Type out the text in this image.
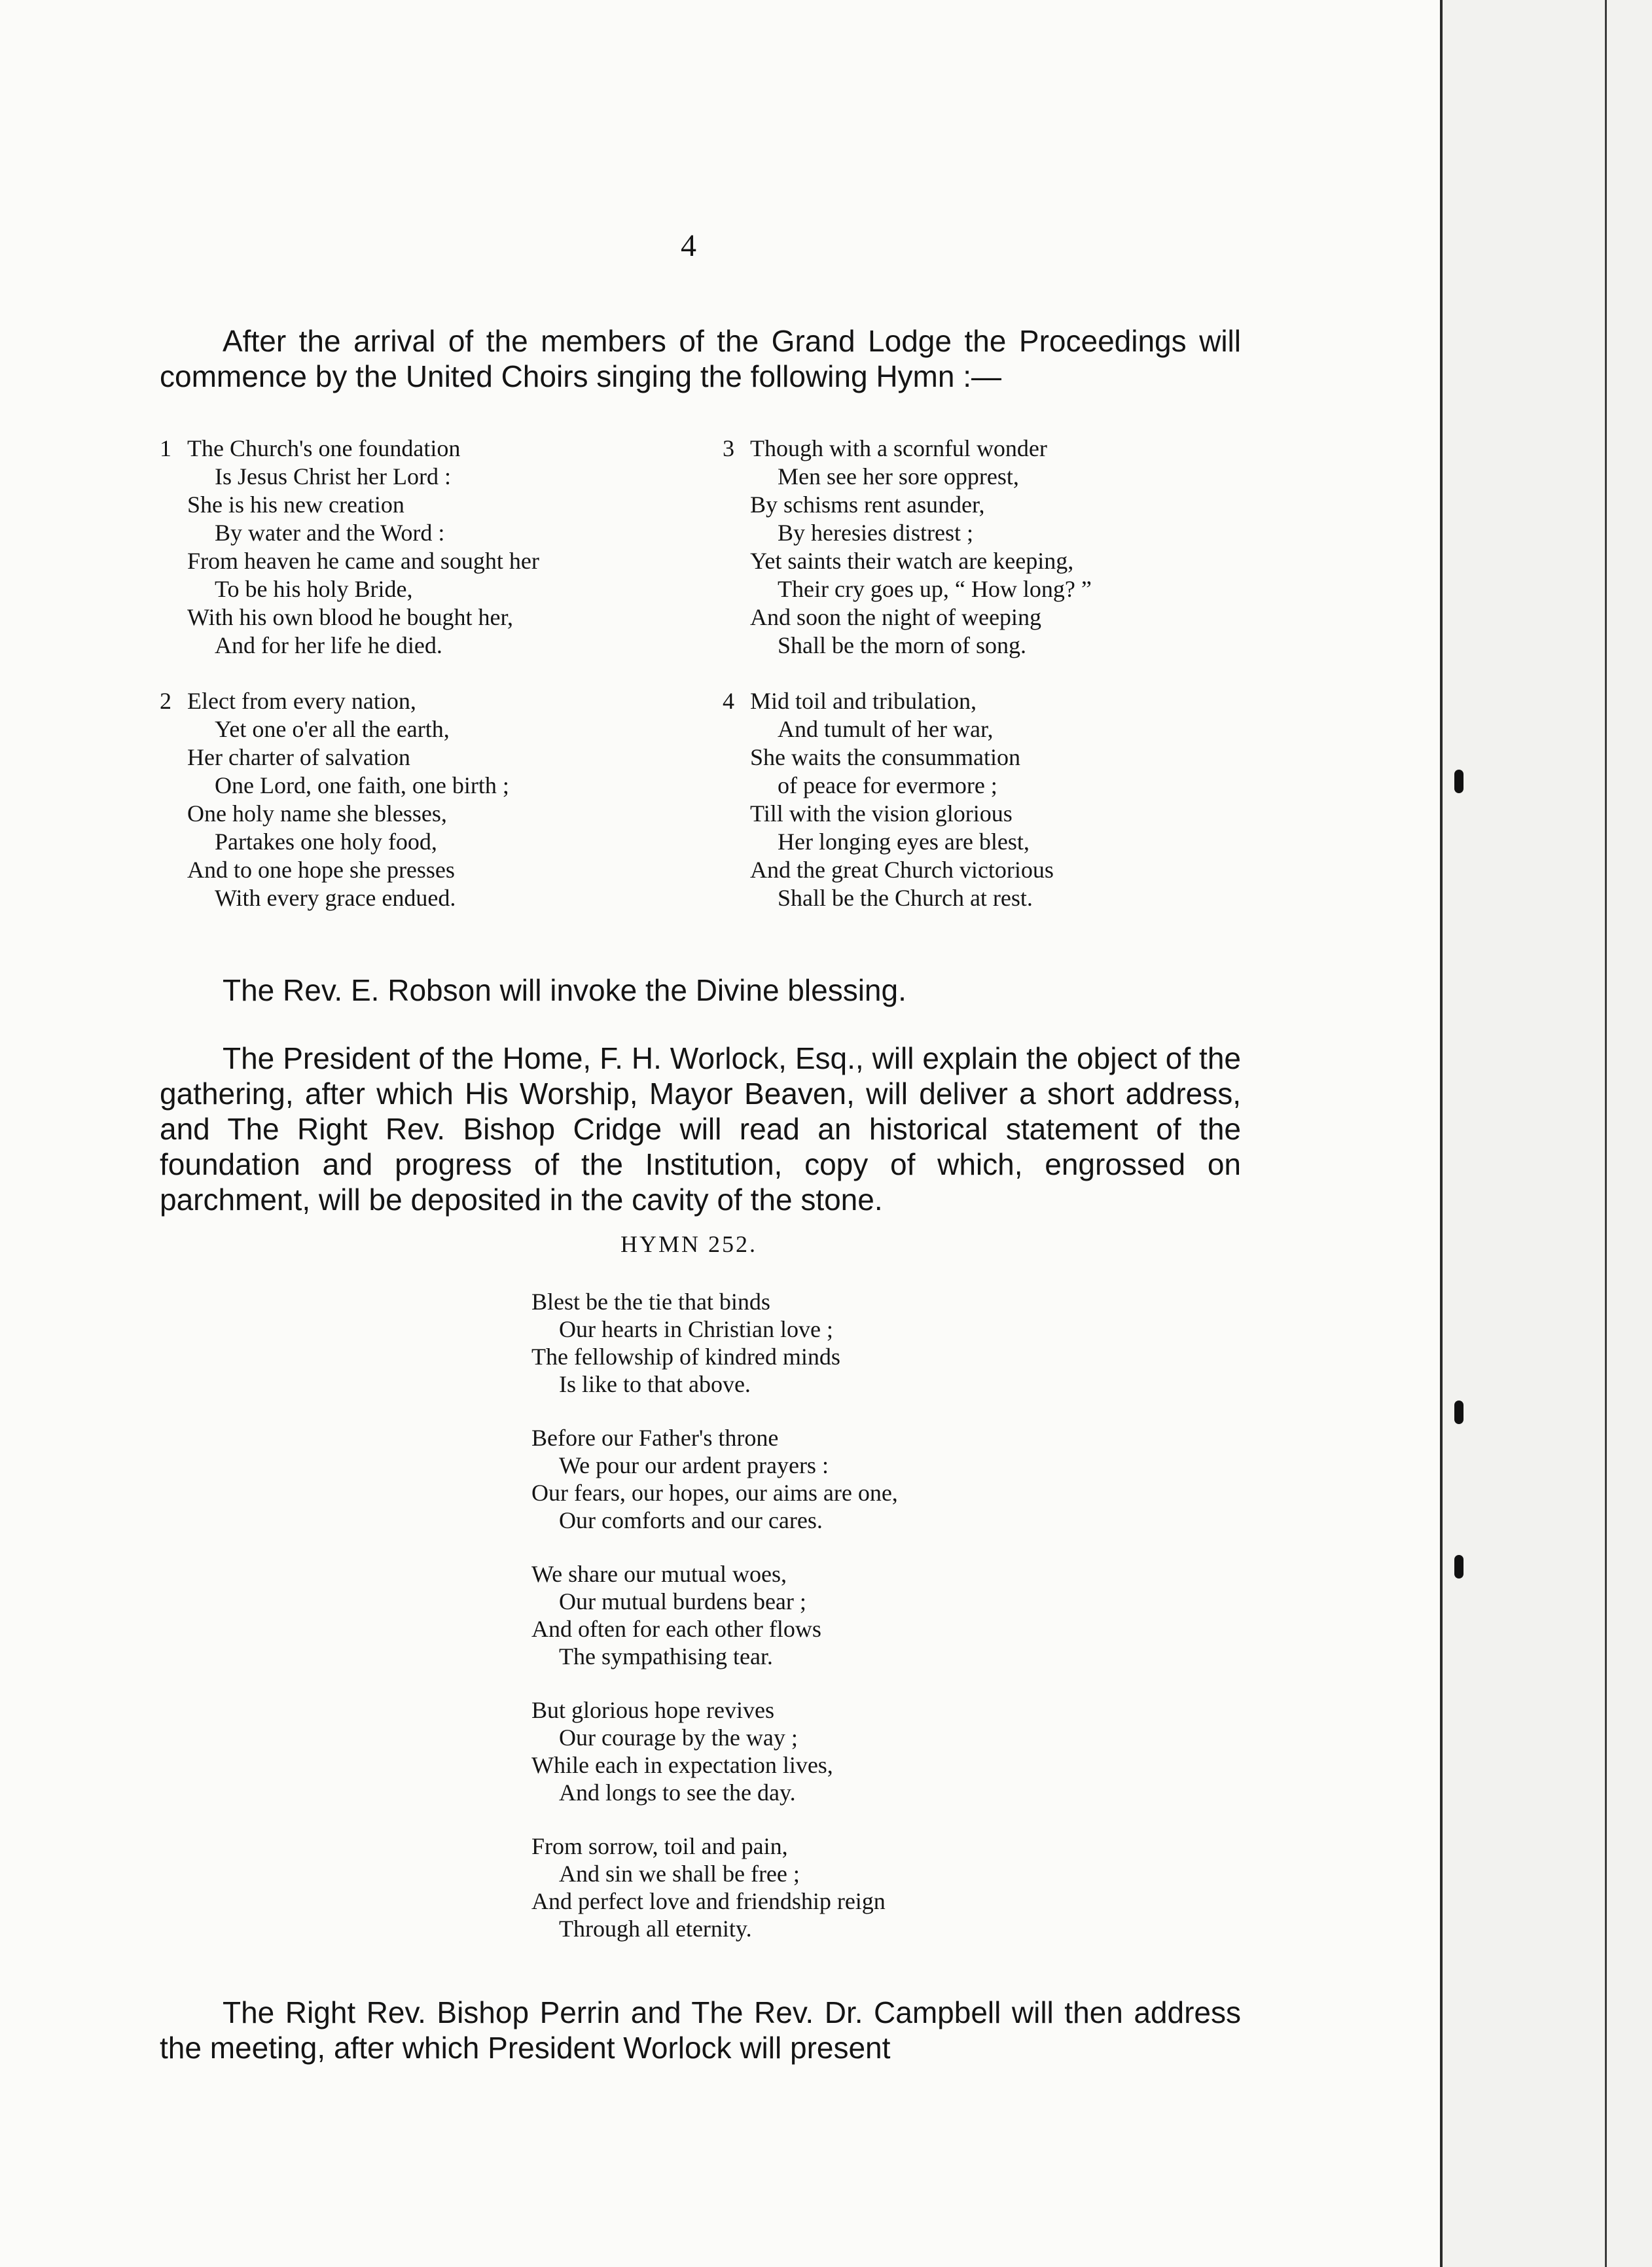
4

After the arrival of the members of the Grand Lodge the Proceedings will commence by the United Choirs singing the following Hymn :—

1 The Church's one foundation
Is Jesus Christ her Lord :
She is his new creation
By water and the Word :
From heaven he came and sought her
To be his holy Bride,
With his own blood he bought her,
And for her life he died.
2 Elect from every nation,
Yet one o'er all the earth,
Her charter of salvation
One Lord, one faith, one birth ;
One holy name she blesses,
Partakes one holy food,
And to one hope she presses
With every grace endued.
3 Though with a scornful wonder
Men see her sore opprest,
By schisms rent asunder,
By heresies distrest ;
Yet saints their watch are keeping,
Their cry goes up, “ How long? ”
And soon the night of weeping
Shall be the morn of song.
4 Mid toil and tribulation,
And tumult of her war,
She waits the consummation
of peace for evermore ;
Till with the vision glorious
Her longing eyes are blest,
And the great Church victorious
Shall be the Church at rest.

The Rev. E. Robson will invoke the Divine blessing.

The President of the Home, F. H. Worlock, Esq., will explain the object of the gathering, after which His Worship, Mayor Beaven, will deliver a short address, and The Right Rev. Bishop Cridge will read an historical statement of the foundation and progress of the Institution, copy of which, engrossed on parchment, will be deposited in the cavity of the stone.

HYMN 252.
Blest be the tie that binds
Our hearts in Christian love ;
The fellowship of kindred minds
Is like to that above.
Before our Father's throne
We pour our ardent prayers :
Our fears, our hopes, our aims are one,
Our comforts and our cares.
We share our mutual woes,
Our mutual burdens bear ;
And often for each other flows
The sympathising tear.
But glorious hope revives
Our courage by the way ;
While each in expectation lives,
And longs to see the day.
From sorrow, toil and pain,
And sin we shall be free ;
And perfect love and friendship reign
Through all eternity.

The Right Rev. Bishop Perrin and The Rev. Dr. Campbell will then address the meeting, after which President Worlock will present
